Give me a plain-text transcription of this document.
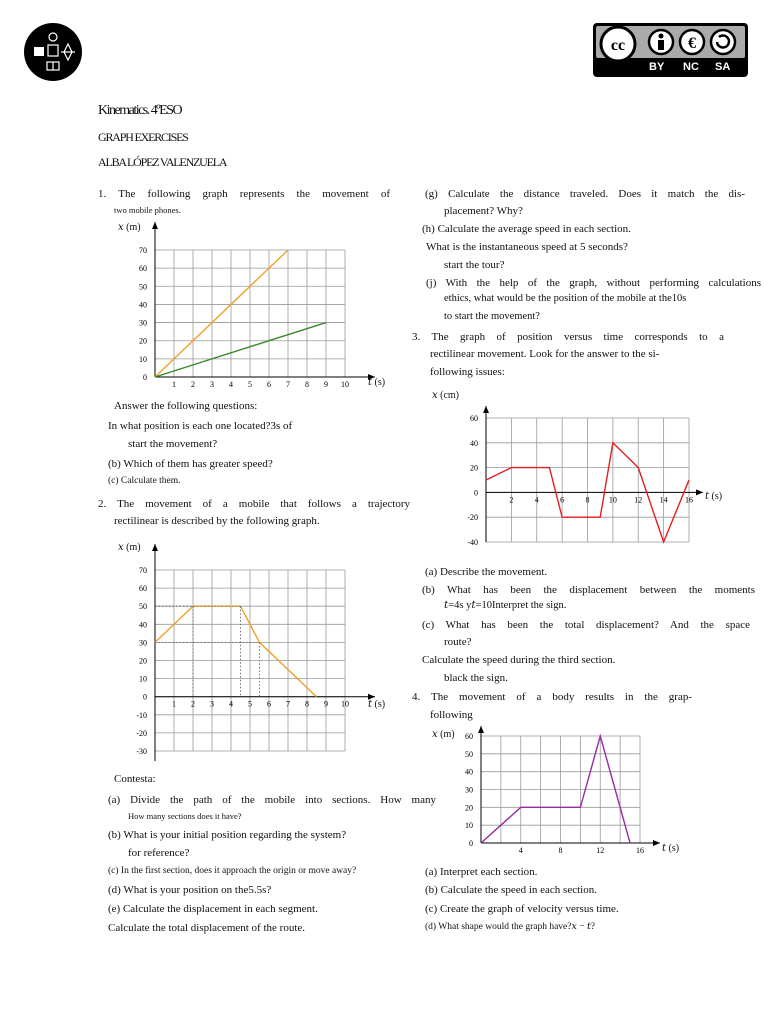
cc	€
BY NC SA
Kinematics. 4ºESO
GRAPH EXERCISES
ALBA LÓPEZ VALENZUELA
1. The following graph represents the movement of
two mobile phones.
70
60
50
40
30
20
10
0
1 2 3 4 5 6 7 8 9 10
𝑥 (m)
𝑡 (s)
Answer the following questions:
In what position is each one located?3s of
start the movement?
(b) Which of them has greater speed?
(c) Calculate them.
2. The movement of a mobile that follows a trajectory
rectilinear is described by the following graph.
70
60
50
40
30
20
10
0
-10
-20
-30
1 2 3 4 5 6 7 8 9 10
𝑥 (m)
𝑡 (s)
Contesta:
(a) Divide the path of the mobile into sections. How many
How many sections does it have?
(b) What is your initial position regarding the system?
for reference?
(c) In the first section, does it approach the origin or move away?
(d) What is your position on the5.5s?
(e) Calculate the displacement in each segment.
Calculate the total displacement of the route.
(g) Calculate the distance traveled. Does it match the dis-
placement? Why?
(h) Calculate the average speed in each section.
What is the instantaneous speed at 5 seconds?
start the tour?
(j) With the help of the graph, without performing calculations
ethics, what would be the position of the mobile at the10s
to start the movement?
3. The graph of position versus time corresponds to a
rectilinear movement. Look for the answer to the si-
following issues:
60
40
20
0
-20
-40
2	4	6	8 10 12 14 16
𝑥 (cm)
𝑡 (s)
(a) Describe the movement.
(b) What has been the displacement between the moments
𝑡=4s y𝑡=10Interpret the sign.
(c) What has been the total displacement? And the space
route?
Calculate the speed during the third section.
black the sign.
4. The movement of a body results in the grap-
following
60
50
40
30
20
10
0
4	8	12	16
𝑥 (m)
𝑡 (s)
(a) Interpret each section.
(b) Calculate the speed in each section.
(c) Create the graph of velocity versus time.
(d) What shape would the graph have?𝑥 − 𝑡?
